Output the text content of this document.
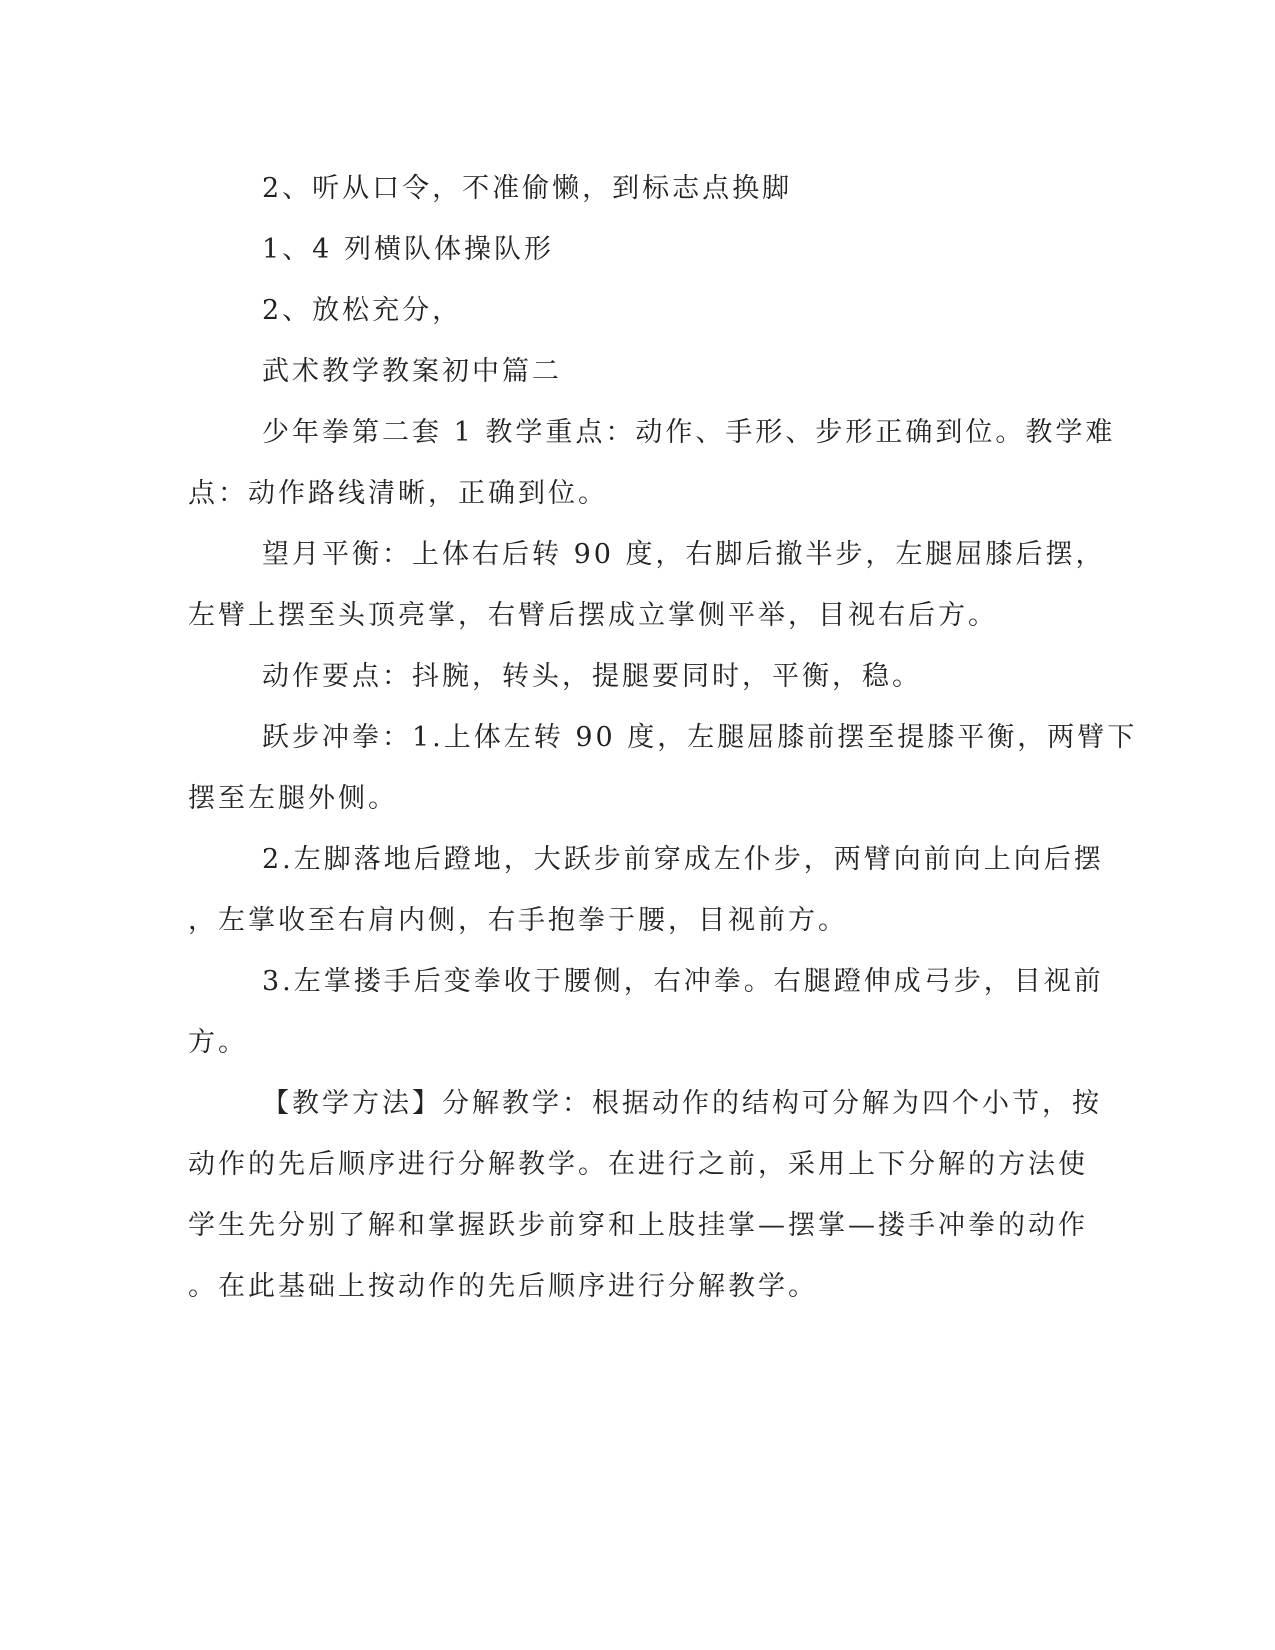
2、听从口令，不准偷懒，到标志点换脚
1、4 列横队体操队形
2、放松充分，
武术教学教案初中篇二
少年拳第二套 1 教学重点：动作、手形、步形正确到位。教学难
点：动作路线清晰，正确到位。
望月平衡：上体右后转 90 度，右脚后撤半步，左腿屈膝后摆，
左臂上摆至头顶亮掌，右臂后摆成立掌侧平举，目视右后方。
动作要点：抖腕，转头，提腿要同时，平衡，稳。
跃步冲拳：1.上体左转 90 度，左腿屈膝前摆至提膝平衡，两臂下
摆至左腿外侧。
2.左脚落地后蹬地，大跃步前穿成左仆步，两臂向前向上向后摆
，左掌收至右肩内侧，右手抱拳于腰，目视前方。
3.左掌搂手后变拳收于腰侧，右冲拳。右腿蹬伸成弓步，目视前
方。
【教学方法】分解教学：根据动作的结构可分解为四个小节，按
动作的先后顺序进行分解教学。在进行之前，采用上下分解的方法使
学生先分别了解和掌握跃步前穿和上肢挂掌—摆掌—搂手冲拳的动作
。在此基础上按动作的先后顺序进行分解教学。
